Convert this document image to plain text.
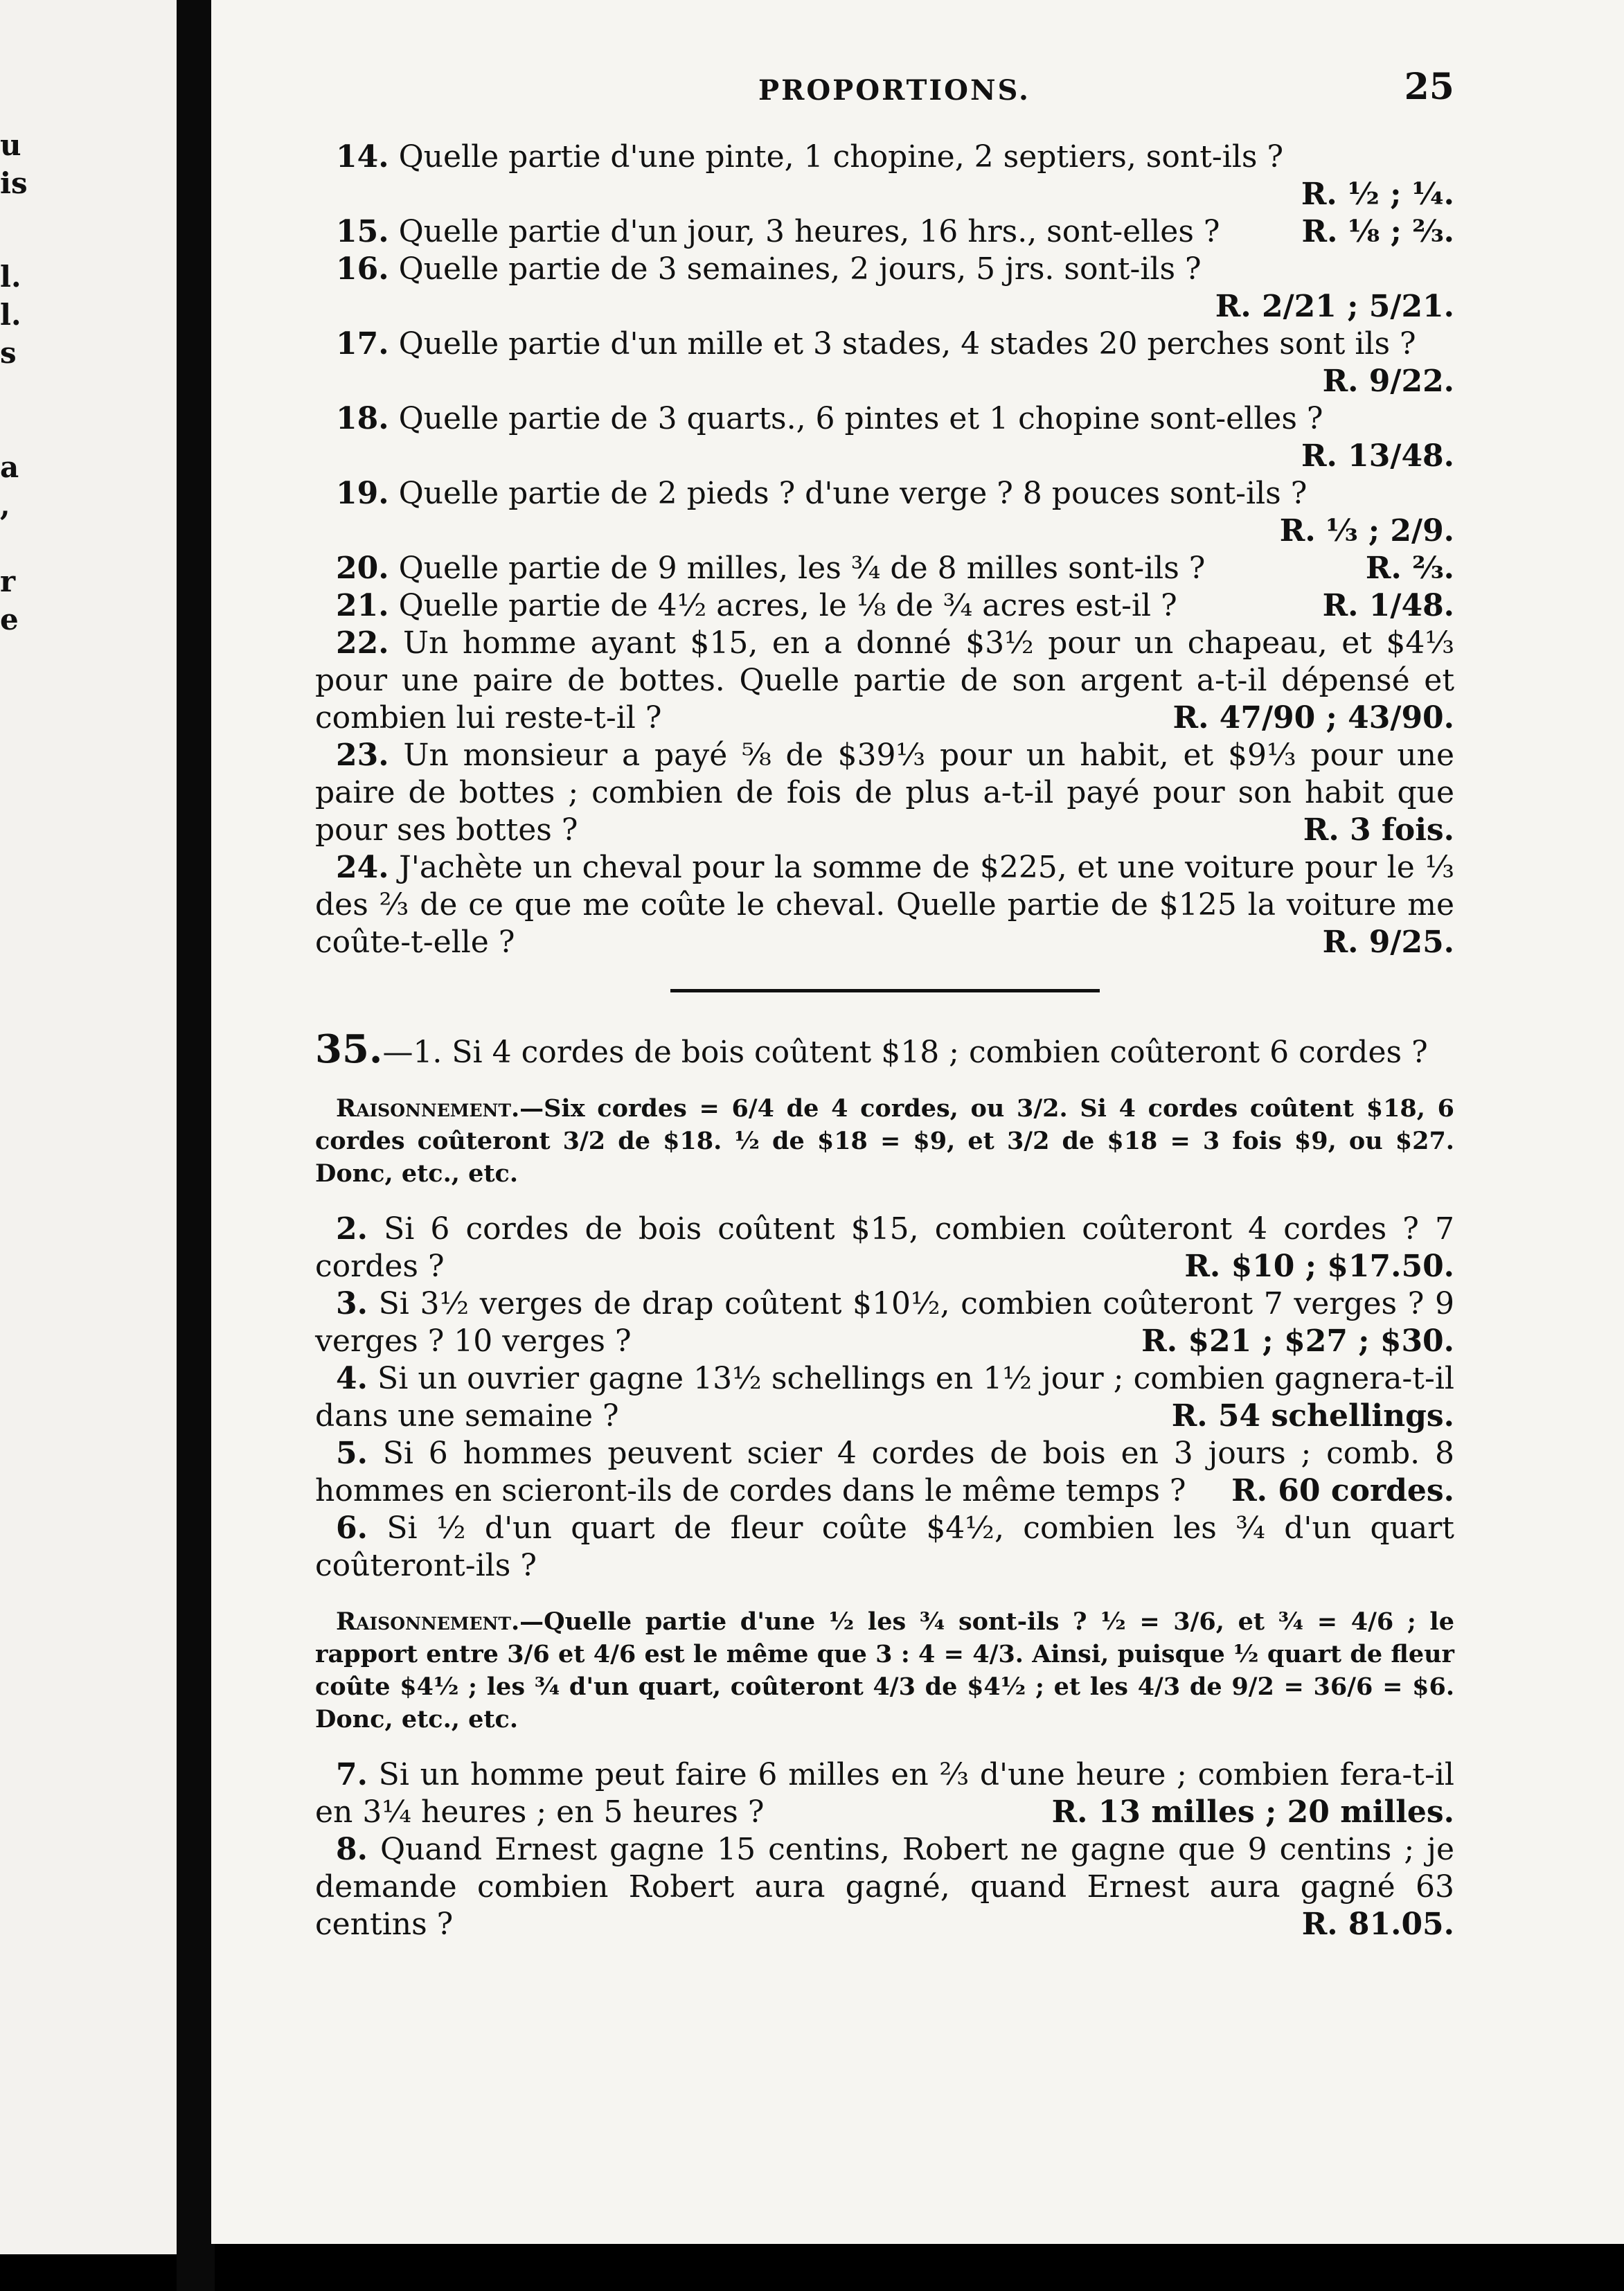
u
is
l.
l.
s
a
,
r
e
PROPORTIONS.	25

14. Quelle partie d'une pinte, 1 chopine, 2 septiers, sont-ils ?
R. ½ ; ¼.

15. Quelle partie d'un jour, 3 heures, 16 hrs., sont-elles ?	R. ⅛ ; ⅔.

16. Quelle partie de 3 semaines, 2 jours, 5 jrs. sont-ils ?
R. 2/21 ; 5/21.

17. Quelle partie d'un mille et 3 stades, 4 stades 20 perches sont ils ?
R. 9/22.

18. Quelle partie de 3 quarts., 6 pintes et 1 chopine sont-elles ?
R. 13/48.

19. Quelle partie de 2 pieds ? d'une verge ? 8 pouces sont-ils ?
R. ⅓ ; 2/9.

20. Quelle partie de 9 milles, les ¾ de 8 milles sont-ils ?	R. ⅔.

21. Quelle partie de 4½ acres, le ⅛ de ¾ acres est-il ?	R. 1/48.

22. Un homme ayant $15, en a donné $3½ pour un chapeau, et $4⅓ pour une paire de bottes. Quelle partie de son argent a-t-il dépensé et combien lui reste-t-il ?	R. 47/90 ; 43/90.

23. Un monsieur a payé ⅝ de $39⅓ pour un habit, et $9⅓ pour une paire de bottes ; combien de fois de plus a-t-il payé pour son habit que pour ses bottes ?	R. 3 fois.

24. J'achète un cheval pour la somme de $225, et une voiture pour le ⅓ des ⅔ de ce que me coûte le cheval. Quelle partie de $125 la voiture me coûte-t-elle ?	R. 9/25.

35.—1. Si 4 cordes de bois coûtent $18 ; combien coûteront 6 cordes ?

Raisonnement.—Six cordes = 6/4 de 4 cordes, ou 3/2. Si 4 cordes coûtent $18, 6 cordes coûteront 3/2 de $18. ½ de $18 = $9, et 3/2 de $18 = 3 fois $9, ou $27. Donc, etc., etc.

2. Si 6 cordes de bois coûtent $15, combien coûteront 4 cordes ? 7 cordes ?	R. $10 ; $17.50.

3. Si 3½ verges de drap coûtent $10½, combien coûteront 7 verges ? 9 verges ? 10 verges ?	R. $21 ; $27 ; $30.

4. Si un ouvrier gagne 13½ schellings en 1½ jour ; combien gagnera-t-il dans une semaine ?	R. 54 schellings.

5. Si 6 hommes peuvent scier 4 cordes de bois en 3 jours ; comb. 8 hommes en scieront-ils de cordes dans le même temps ?	R. 60 cordes.

6. Si ½ d'un quart de fleur coûte $4½, combien les ¾ d'un quart coûteront-ils ?

Raisonnement.—Quelle partie d'une ½ les ¾ sont-ils ? ½ = 3/6, et ¾ = 4/6 ; le rapport entre 3/6 et 4/6 est le même que 3 : 4 = 4/3. Ainsi, puisque ½ quart de fleur coûte $4½ ; les ¾ d'un quart, coûteront 4/3 de $4½ ; et les 4/3 de 9/2 = 36/6 = $6. Donc, etc., etc.

7. Si un homme peut faire 6 milles en ⅔ d'une heure ; combien fera-t-il en 3¼ heures ; en 5 heures ?	R. 13 milles ; 20 milles.

8. Quand Ernest gagne 15 centins, Robert ne gagne que 9 centins ; je demande combien Robert aura gagné, quand Ernest aura gagné 63 centins ?	R. 81.05.
